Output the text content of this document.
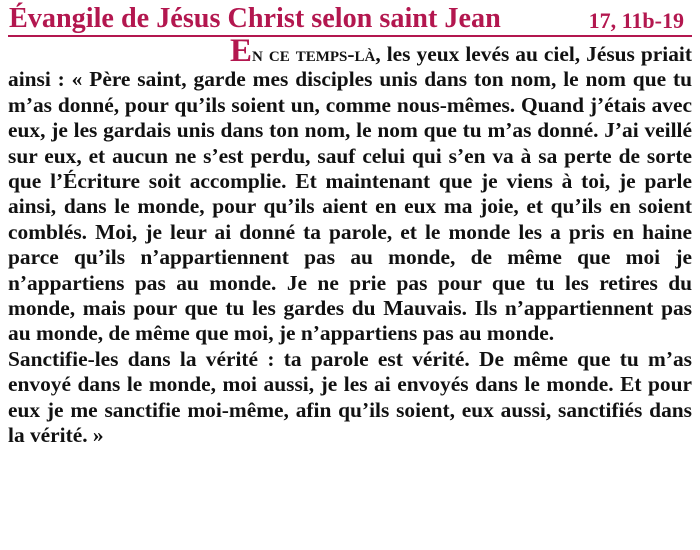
Évangile de Jésus Christ selon saint Jean	17, 11b-19

En ce temps-là, les yeux levés au ciel, Jésus priait ainsi : « Père saint, garde mes disciples unis dans ton nom, le nom que tu m’as donné, pour qu’ils soient un, comme nous-mêmes. Quand j’étais avec eux, je les gardais unis dans ton nom, le nom que tu m’as donné. J’ai veillé sur eux, et aucun ne s’est perdu, sauf celui qui s’en va à sa perte de sorte que l’Écriture soit accomplie. Et maintenant que je viens à toi, je parle ainsi, dans le monde, pour qu’ils aient en eux ma joie, et qu’ils en soient comblés. Moi, je leur ai donné ta parole, et le monde les a pris en haine parce qu’ils n’appartiennent pas au monde, de même que moi je n’appartiens pas au monde. Je ne prie pas pour que tu les retires du monde, mais pour que tu les gardes du Mauvais. Ils n’appartiennent pas au monde, de même que moi, je n’appartiens pas au monde.

Sanctifie-les dans la vérité : ta parole est vérité. De même que tu m’as envoyé dans le monde, moi aussi, je les ai envoyés dans le monde. Et pour eux je me sanctifie moi-même, afin qu’ils soient, eux aussi, sanctifiés dans la vérité. »
